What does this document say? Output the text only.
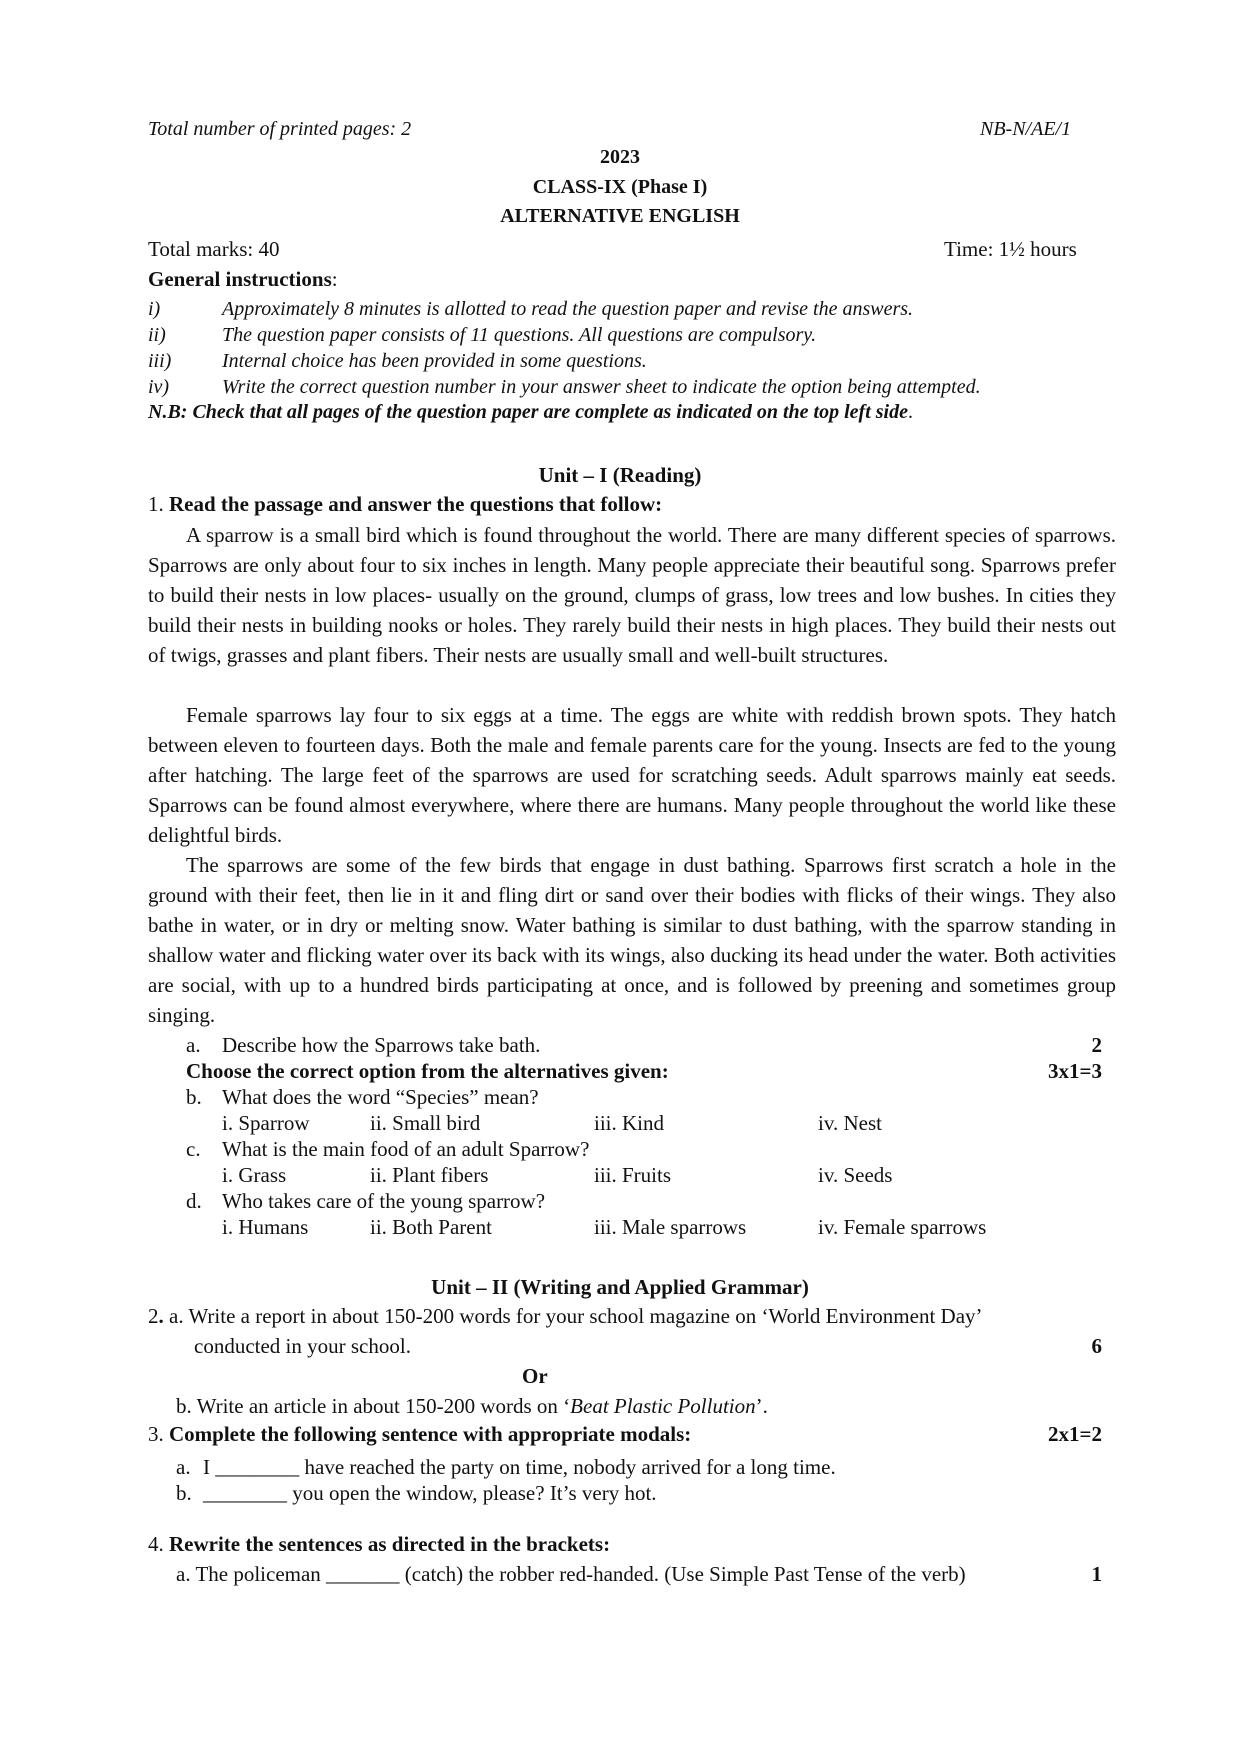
Total number of printed pages: 2	NB-N/AE/1
2023
CLASS-IX (Phase I)
ALTERNATIVE ENGLISH
Total marks: 40	Time: 1½ hours
General instructions:
i)	Approximately 8 minutes is allotted to read the question paper and revise the answers.
ii)	The question paper consists of 11 questions. All questions are compulsory.
iii)	Internal choice has been provided in some questions.
iv)	Write the correct question number in your answer sheet to indicate the option being attempted.
N.B: Check that all pages of the question paper are complete as indicated on the top left side.
Unit – I (Reading)
1. Read the passage and answer the questions that follow:

A sparrow is a small bird which is found throughout the world. There are many different species of sparrows. Sparrows are only about four to six inches in length. Many people appreciate their beautiful song. Sparrows prefer to build their nests in low places- usually on the ground, clumps of grass, low trees and low bushes. In cities they build their nests in building nooks or holes. They rarely build their nests in high places. They build their nests out of twigs, grasses and plant fibers. Their nests are usually small and well-built structures.

Female sparrows lay four to six eggs at a time. The eggs are white with reddish brown spots. They hatch between eleven to fourteen days. Both the male and female parents care for the young. Insects are fed to the young after hatching. The large feet of the sparrows are used for scratching seeds. Adult sparrows mainly eat seeds. Sparrows can be found almost everywhere, where there are humans. Many people throughout the world like these delightful birds.

The sparrows are some of the few birds that engage in dust bathing. Sparrows first scratch a hole in the ground with their feet, then lie in it and fling dirt or sand over their bodies with flicks of their wings. They also bathe in water, or in dry or melting snow. Water bathing is similar to dust bathing, with the sparrow standing in shallow water and flicking water over its back with its wings, also ducking its head under the water. Both activities are social, with up to a hundred birds participating at once, and is followed by preening and sometimes group singing.

a. Describe how the Sparrows take bath.	2
Choose the correct option from the alternatives given:	3x1=3
b. What does the word “Species” mean?
i. Sparrow	ii. Small bird	iii. Kind	iv. Nest
c. What is the main food of an adult Sparrow?
i. Grass	ii. Plant fibers	iii. Fruits	iv. Seeds
d. Who takes care of the young sparrow?
i. Humans	ii. Both Parent	iii. Male sparrows	iv. Female sparrows
Unit – II (Writing and Applied Grammar)
2. a. Write a report in about 150-200 words for your school magazine on ‘World Environment Day’
conducted in your school.	6
Or
b. Write an article in about 150-200 words on ‘Beat Plastic Pollution’.
3. Complete the following sentence with appropriate modals:	2x1=2
a. I ________ have reached the party on time, nobody arrived for a long time.
b. ________ you open the window, please? It’s very hot.
4. Rewrite the sentences as directed in the brackets:
a. The policeman _______ (catch) the robber red-handed. (Use Simple Past Tense of the verb)	1
